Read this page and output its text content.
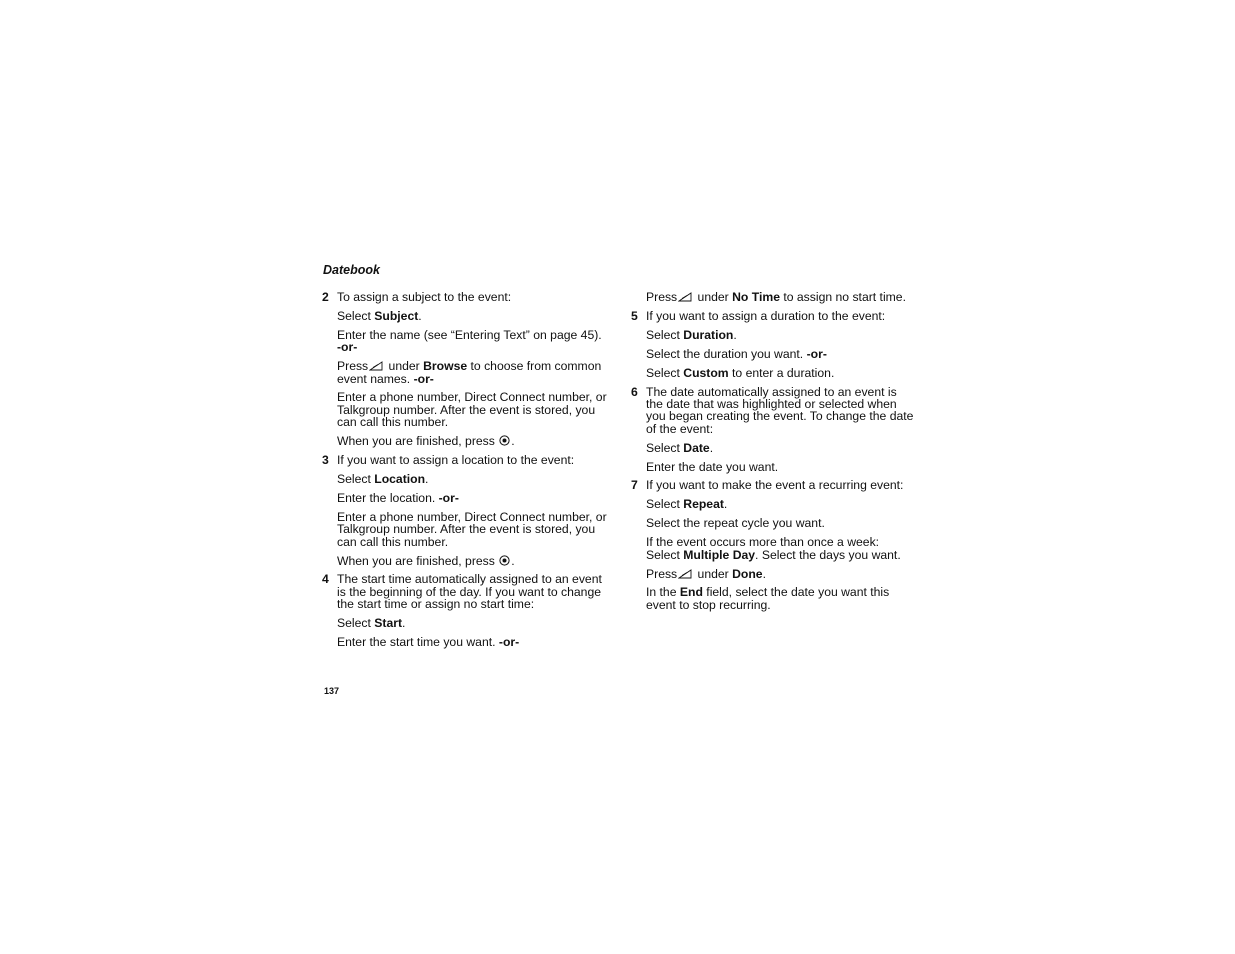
Datebook
2 To assign a subject to the event:
Select Subject.
Enter the name (see “Entering Text” on page 45). -or-
Press under Browse to choose from common event names. -or-
Enter a phone number, Direct Connect number, or Talkgroup number. After the event is stored, you can call this number.
When you are finished, press .
3 If you want to assign a location to the event:
Select Location.
Enter the location. -or-
Enter a phone number, Direct Connect number, or Talkgroup number. After the event is stored, you can call this number.
When you are finished, press .
4 The start time automatically assigned to an event is the beginning of the day. If you want to change the start time or assign no start time:
Select Start.
Enter the start time you want. -or-
Press under No Time to assign no start time.
5 If you want to assign a duration to the event:
Select Duration.
Select the duration you want. -or-
Select Custom to enter a duration.
6 The date automatically assigned to an event is the date that was highlighted or selected when you began creating the event. To change the date of the event:
Select Date.
Enter the date you want.
7 If you want to make the event a recurring event:
Select Repeat.
Select the repeat cycle you want.
If the event occurs more than once a week: Select Multiple Day. Select the days you want.
Press under Done.
In the End field, select the date you want this event to stop recurring.
137
